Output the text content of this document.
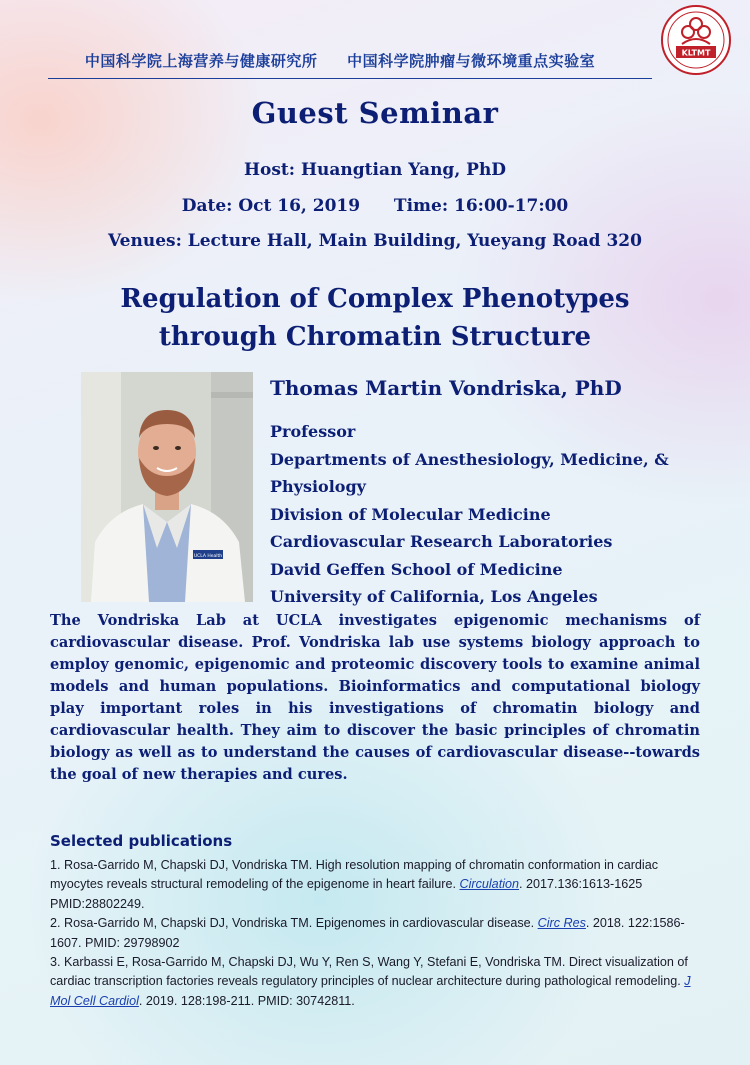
中国科学院上海营养与健康研究所 中国科学院肿瘤与微环境重点实验室	KLTMT
Guest Seminar
Host: Huangtian Yang, PhD
Date: Oct 16, 2019 Time: 16:00-17:00
Venues: Lecture Hall, Main Building, Yueyang Road 320
Regulation of Complex Phenotypes
through Chromatin Structure
UCLA Health
Thomas Martin Vondriska, PhD
Professor
Departments of Anesthesiology, Medicine, &
Physiology
Division of Molecular Medicine
Cardiovascular Research Laboratories
David Geffen School of Medicine
University of California, Los Angeles
The Vondriska Lab at UCLA investigates epigenomic mechanisms of cardiovascular disease. Prof. Vondriska lab use systems biology approach to employ genomic, epigenomic and proteomic discovery tools to examine animal models and human populations. Bioinformatics and computational biology play important roles in his investigations of chromatin biology and cardiovascular health. They aim to discover the basic principles of chromatin biology as well as to understand the causes of cardiovascular disease--towards the goal of new therapies and cures.
Selected publications

1. Rosa-Garrido M, Chapski DJ, Vondriska TM. High resolution mapping of chromatin conformation in cardiac myocytes reveals structural remodeling of the epigenome in heart failure. Circulation. 2017.136:1613-1625 PMID:28802249.

2. Rosa-Garrido M, Chapski DJ, Vondriska TM. Epigenomes in cardiovascular disease. Circ Res. 2018. 122:1586-1607. PMID: 29798902

3. Karbassi E, Rosa-Garrido M, Chapski DJ, Wu Y, Ren S, Wang Y, Stefani E, Vondriska TM. Direct visualization of cardiac transcription factories reveals regulatory principles of nuclear architecture during pathological remodeling. J Mol Cell Cardiol. 2019. 128:198-211. PMID: 30742811.
